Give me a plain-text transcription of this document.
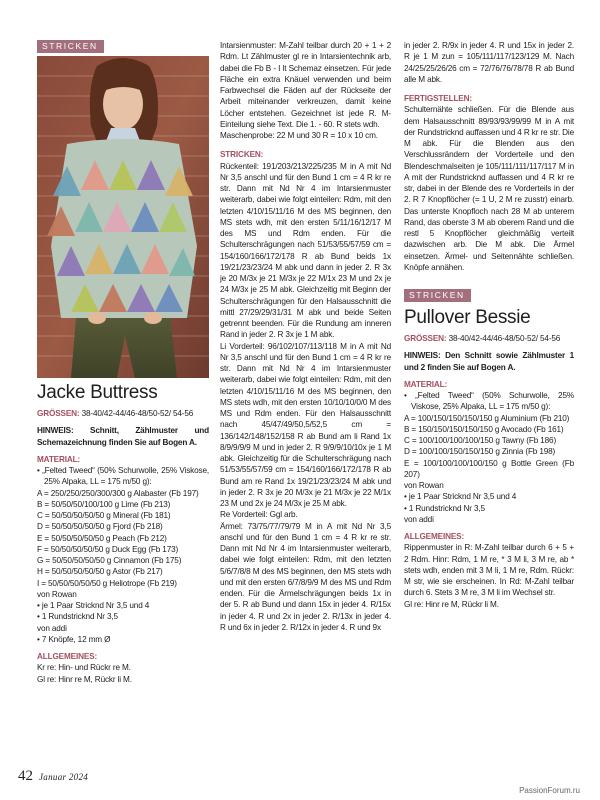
STRICKEN
Jacke Buttress
GRÖSSEN: 38-40/42-44/46-48/50-52/ 54-56
HINWEIS: Schnitt, Zählmuster und Schemazeichnung finden Sie auf Bogen A.
MATERIAL:
• „Felted Tweed“ (50% Schurwolle, 25% Viskose, 25% Alpaka, LL = 175 m/50 g):
A = 250/250/250/300/300 g Alabaster (Fb 197)
B = 50/50/50/100/100 g Lime (Fb 213)
C = 50/50/50/50/50 g Mineral (Fb 181)
D = 50/50/50/50/50 g Fjord (Fb 218)
E = 50/50/50/50/50 g Peach (Fb 212)
F = 50/50/50/50/50 g Duck Egg (Fb 173)
G = 50/50/50/50/50 g Cinnamon (Fb 175)
H = 50/50/50/50/50 g Astor (Fb 217)
I = 50/50/50/50/50 g Heliotrope (Fb 219)
von Rowan
• je 1 Paar Stricknd Nr 3,5 und 4
• 1 Rundstricknd Nr 3,5
von addi
• 7 Knöpfe, 12 mm Ø
ALLGEMEINES:
Kr re: Hin- und Rückr re M.
Gl re: Hinr re M, Rückr li M.
Intarsienmuster: M-Zahl teilbar durch 20 + 1 + 2 Rdm. Lt Zählmuster gl re in Intarsientechnik arb, dabei die Fb B - I lt Schemaz einsetzen. Für jede Fläche ein extra Knäuel verwenden und beim Farbwechsel die Fäden auf der Rückseite der Arbeit miteinander verkreuzen, damit keine Löcher entstehen. Gezeichnet ist jede R. M-Einteilung siehe Text. Die 1. - 60. R stets wdh.
Maschenprobe: 22 M und 30 R = 10 x 10 cm.
STRICKEN:
Rückenteil: 191/203/213/225/235 M in A mit Nd Nr 3,5 anschl und für den Bund 1 cm = 4 R kr re str. Dann mit Nd Nr 4 im Intarsienmuster weiterarb, dabei wie folgt einteilen: Rdm, mit den letzten 4/10/15/11/16 M des MS beginnen, den MS stets wdh, mit den ersten 5/11/16/12/17 M des MS und Rdm enden. Für die Schulterschrägungen nach 51/53/55/57/59 cm = 154/160/166/172/178 R ab Bund beids 1x 19/21/23/23/24 M abk und dann in jeder 2. R 3x je 20 M/3x je 21 M/3x je 22 M/1x 23 M und 2x je 24 M/3x je 25 M abk. Gleichzeitig mit Beginn der Schulterschrägungen für den Halsausschnitt die mittl 27/29/29/31/31 M abk und beide Seiten getrennt beenden. Für die Rundung am inneren Rand in jeder 2. R 3x je 1 M abk.
Li Vorderteil: 96/102/107/113/118 M in A mit Nd Nr 3,5 anschl und für den Bund 1 cm = 4 R kr re str. Dann mit Nd Nr 4 im Intarsienmuster weiterarb, dabei wie folgt einteilen: Rdm, mit den letzten 4/10/15/11/16 M des MS beginnen, den MS stets wdh, mit den ersten 10/10/10/0/0 M des MS und Rdm enden. Für den Halsausschnitt nach 45/47/49/50,5/52,5 cm = 136/142/148/152/158 R ab Bund am li Rand 1x 8/9/9/9/9 M und in jeder 2. R 9/9/9/10/10x je 1 M abk. Gleichzeitig für die Schulterschrägung nach 51/53/55/57/59 cm = 154/160/166/172/178 R ab Bund am re Rand 1x 19/21/23/23/24 M abk und in jeder 2. R 3x je 20 M/3x je 21 M/3x je 22 M/1x 23 M und 2x je 24 M/3x je 25 M abk.
Re Vorderteil: Ggl arb.
Ärmel: 73/75/77/79/79 M in A mit Nd Nr 3,5 anschl und für den Bund 1 cm = 4 R kr re str. Dann mit Nd Nr 4 im Intarsienmuster weiterarb, dabei wie folgt einteilen: Rdm, mit den letzten 5/6/7/8/8 M des MS beginnen, den MS stets wdh und mit den ersten 6/7/8/9/9 M des MS und Rdm enden. Für die Ärmelschrägungen beids 1x in der 5. R ab Bund und dann 15x in jeder 4. R/15x in jeder 4. R und 2x in jeder 2. R/13x in jeder 4. R und 6x in jeder 2. R/12x in jeder 4. R und 9x
in jeder 2. R/9x in jeder 4. R und 15x in jeder 2. R je 1 M zun = 105/111/117/123/129 M. Nach 24/25/25/26/26 cm = 72/76/76/78/78 R ab Bund alle M abk.
FERTIGSTELLEN:
Schulternähte schließen. Für die Blende aus dem Halsausschnitt 89/93/93/99/99 M in A mit der Rundstricknd auffassen und 4 R kr re str. Die M abk. Für die Blenden aus den Verschlussrändern der Vorderteile und den Blendeschmalseiten je 105/111/111/117/117 M in A mit der Rundstricknd auffassen und 4 R kr re str, dabei in der Blende des re Vorderteils in der 2. R 7 Knopflöcher (= 1 U, 2 M re zusstr) einarb. Das unterste Knopfloch nach 28 M ab unterem Rand, das oberste 3 M ab oberem Rand und die restl 5 Knopflöcher gleichmäßig verteilt dazwischen arb. Die M abk. Die Ärmel einsetzen. Ärmel- und Seitennähte schließen. Knöpfe annähen.
STRICKEN
Pullover Bessie
GRÖSSEN: 38-40/42-44/46-48/50-52/ 54-56
HINWEIS: Den Schnitt sowie Zählmuster 1 und 2 finden Sie auf Bogen A.
MATERIAL:
• „Felted Tweed“ (50% Schurwolle, 25% Viskose, 25% Alpaka, LL = 175 m/50 g):
A = 100/150/150/150/150 g Aluminium (Fb 210)
B = 150/150/150/150/150 g Avocado (Fb 161)
C = 100/100/100/100/150 g Tawny (Fb 186)
D = 100/100/150/150/150 g Zinnia (Fb 198)
E = 100/100/100/100/150 g Bottle Green (Fb 207)
von Rowan
• je 1 Paar Stricknd Nr 3,5 und 4
• 1 Rundstricknd Nr 3,5
von addi
ALLGEMEINES:
Rippenmuster in R: M-Zahl teilbar durch 6 + 5 + 2 Rdm. Hinr: Rdm, 1 M re, * 3 M li, 3 M re, ab * stets wdh, enden mit 3 M li, 1 M re, Rdm. Rückr: M str, wie sie erscheinen. In Rd: M-Zahl teilbar durch 6. Stets 3 M re, 3 M li im Wechsel str.
Gl re: Hinr re M, Rückr li M.
42 Januar 2024
PassionForum.ru
